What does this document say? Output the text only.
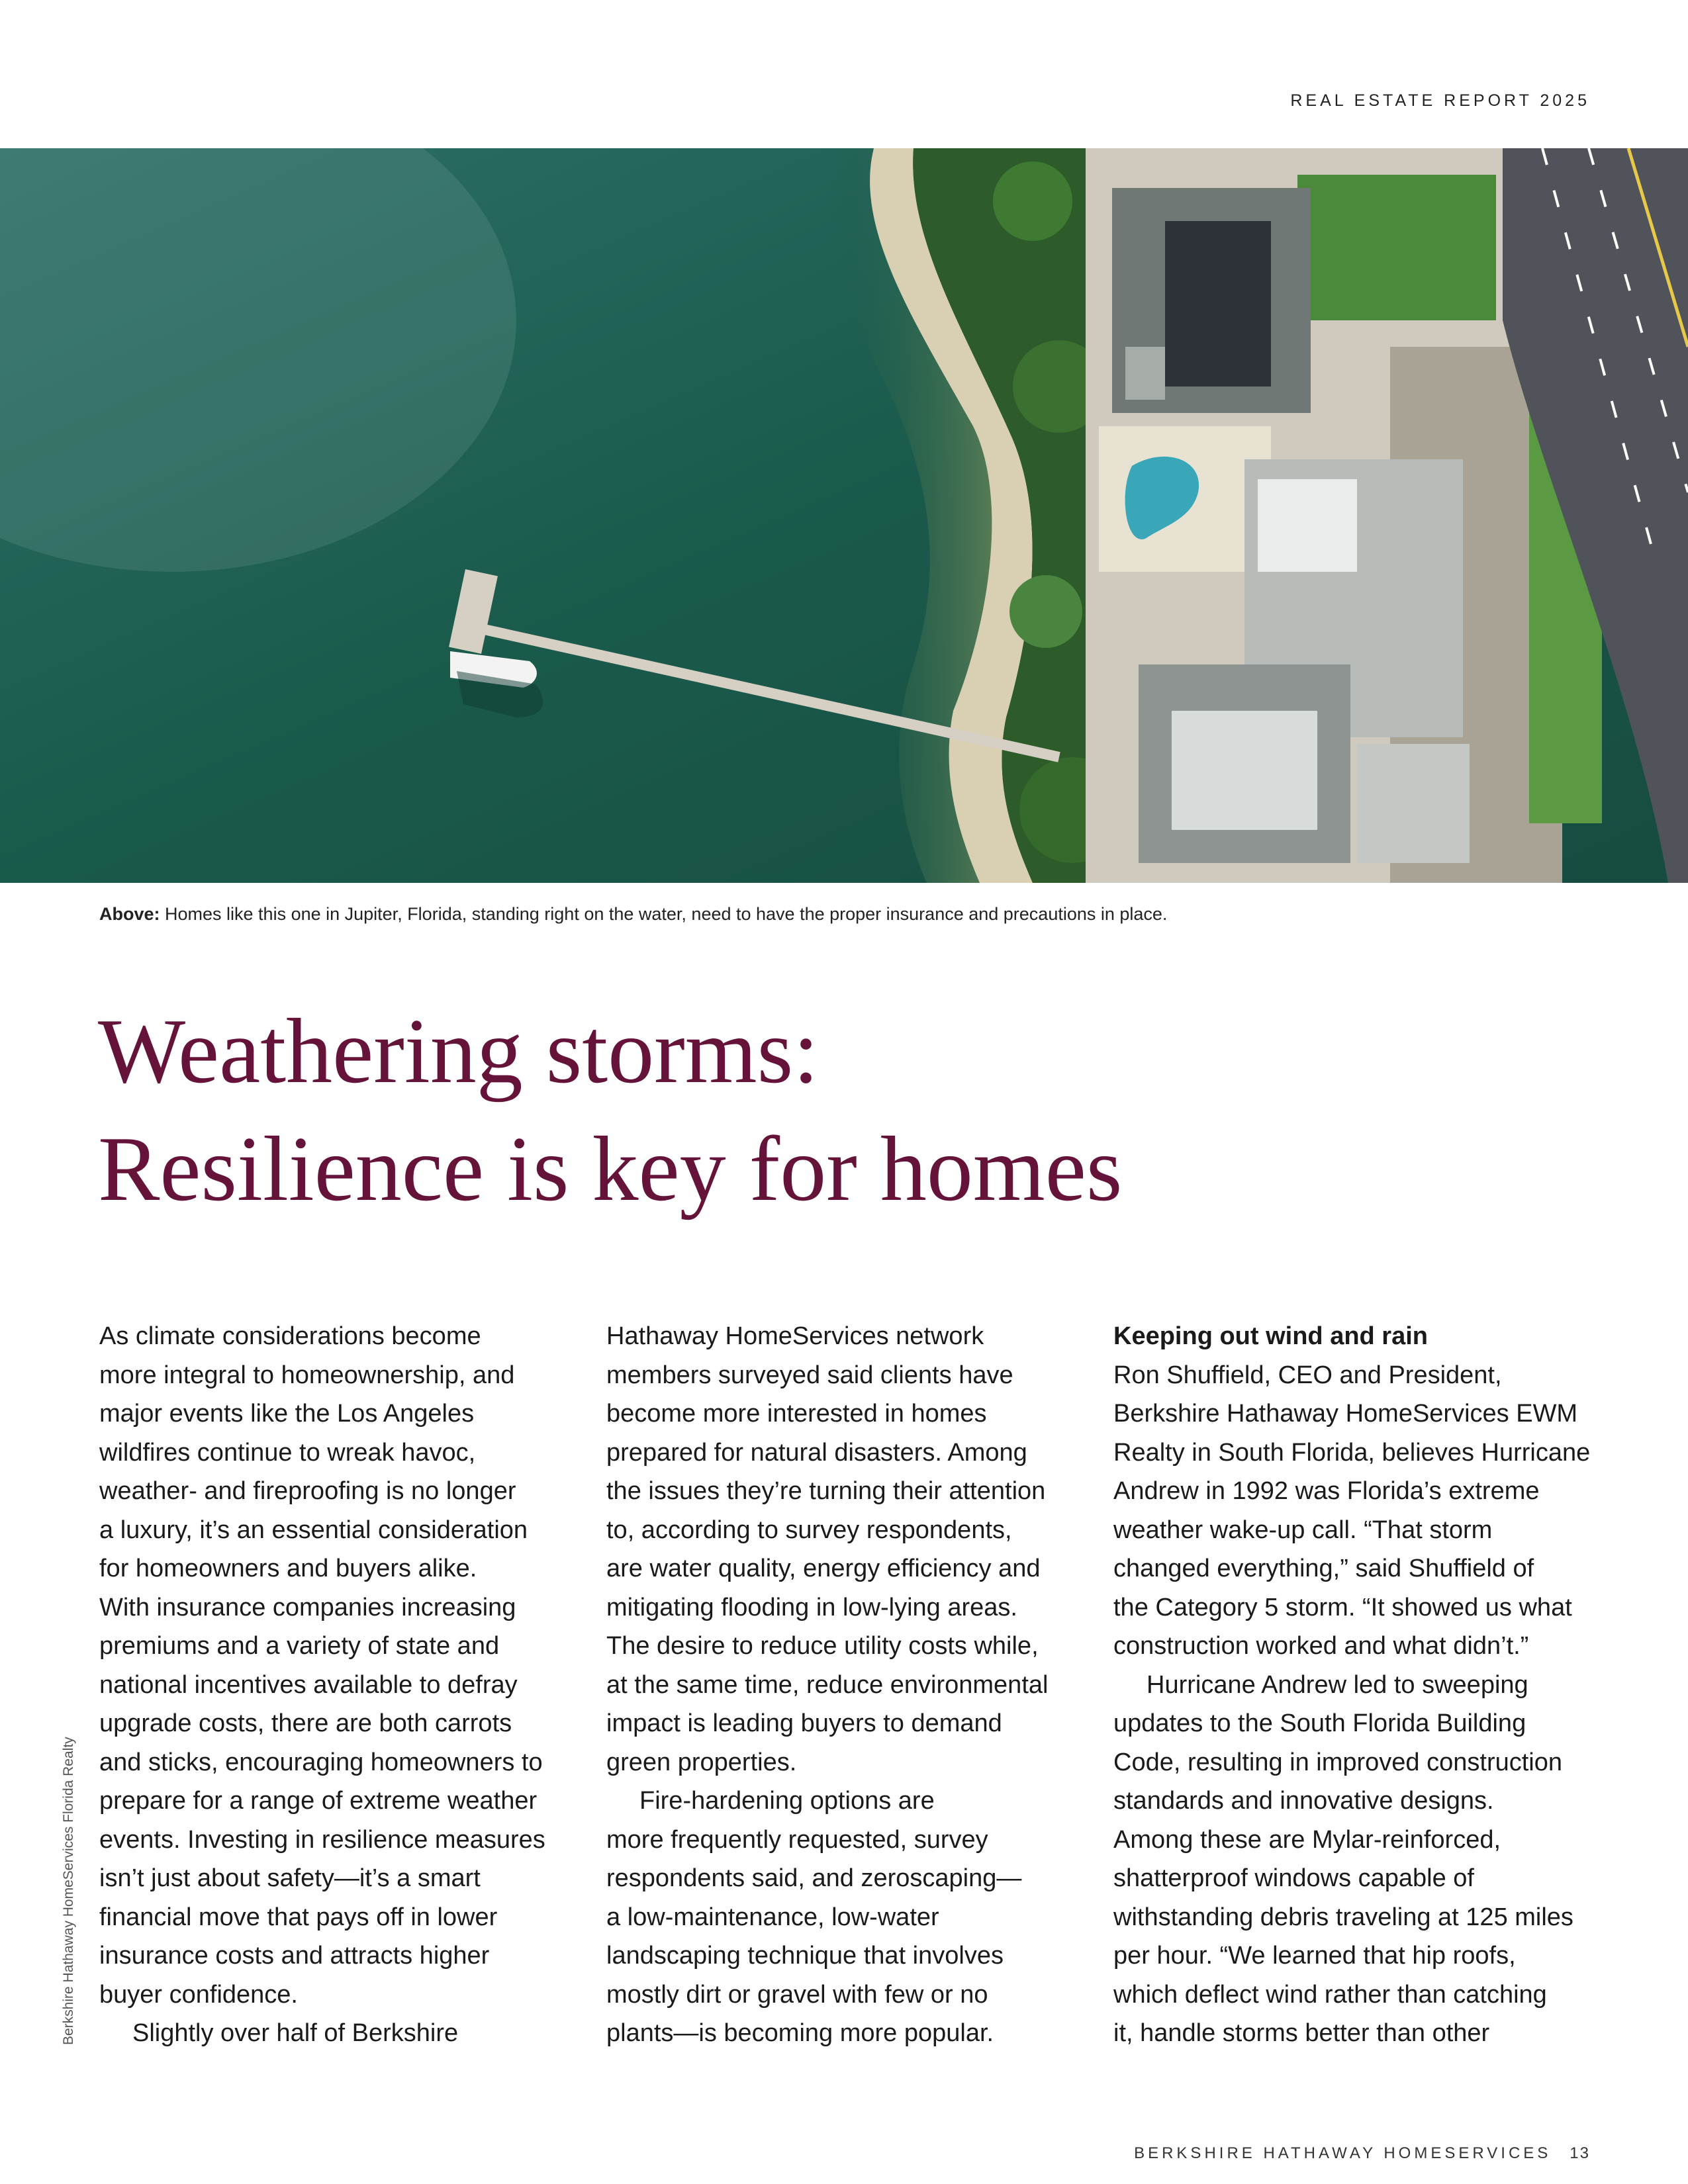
REAL ESTATE REPORT 2025
Above: Homes like this one in Jupiter, Florida, standing right on the water, need to have the proper insurance and precautions in place.
Weathering storms:
Resilience is key for homes
Berkshire Hathaway HomeServices Florida Realty
As climate considerations become
more integral to homeownership, and
major events like the Los Angeles
wildfires continue to wreak havoc,
weather- and fireproofing is no longer
a luxury, it’s an essential consideration
for homeowners and buyers alike.
With insurance companies increasing
premiums and a variety of state and
national incentives available to defray
upgrade costs, there are both carrots
and sticks, encouraging homeowners to
prepare for a range of extreme weather
events. Investing in resilience measures
isn’t just about safety—it’s a smart
financial move that pays off in lower
insurance costs and attracts higher
buyer confidence.
Slightly over half of Berkshire
Hathaway HomeServices network
members surveyed said clients have
become more interested in homes
prepared for natural disasters. Among
the issues they’re turning their attention
to, according to survey respondents,
are water quality, energy efficiency and
mitigating flooding in low-lying areas.
The desire to reduce utility costs while,
at the same time, reduce environmental
impact is leading buyers to demand
green properties.
Fire-hardening options are
more frequently requested, survey
respondents said, and zeroscaping—
a low-maintenance, low-water
landscaping technique that involves
mostly dirt or gravel with few or no
plants—is becoming more popular.
Keeping out wind and rain
Ron Shuffield, CEO and President,
Berkshire Hathaway HomeServices EWM
Realty in South Florida, believes Hurricane
Andrew in 1992 was Florida’s extreme
weather wake-up call. “That storm
changed everything,” said Shuffield of
the Category 5 storm. “It showed us what
construction worked and what didn’t.”
Hurricane Andrew led to sweeping
updates to the South Florida Building
Code, resulting in improved construction
standards and innovative designs.
Among these are Mylar-reinforced,
shatterproof windows capable of
withstanding debris traveling at 125 miles
per hour. “We learned that hip roofs,
which deflect wind rather than catching
it, handle storms better than other
BERKSHIRE HATHAWAY HOMESERVICES 13
